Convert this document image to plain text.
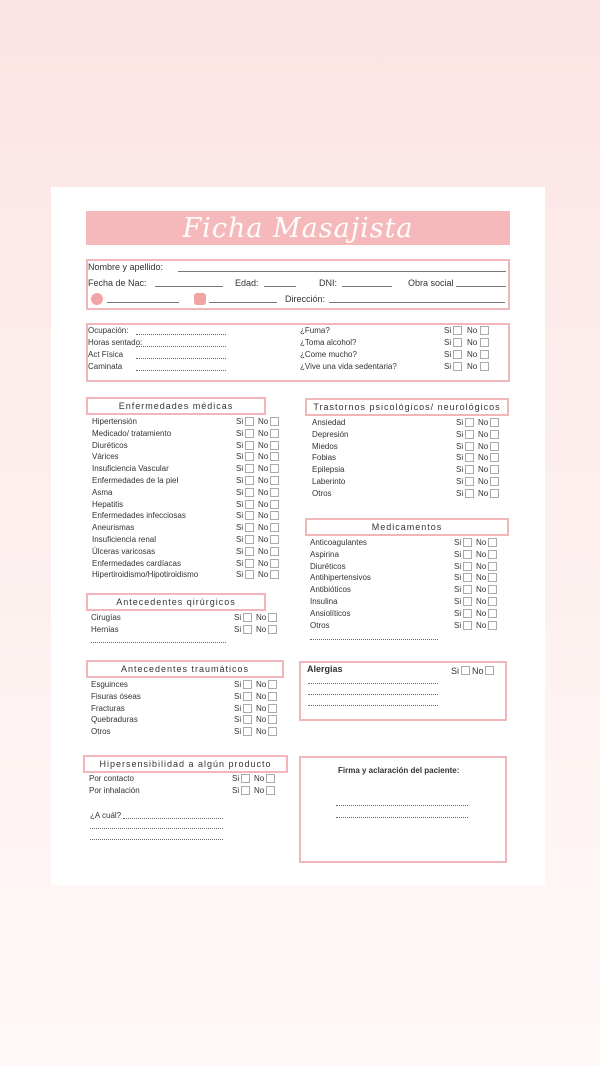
Ficha Masajista
Nombre y apellido:
Fecha de Nac:	Edad:	DNI:	Obra social
Dirección:
Ocupación:
Horas sentado:
Act Física
Caminata
¿Fuma?	Si No
¿Toma alcohol?	Si No
¿Come mucho?	Si No
¿Vive una vida sedentaria?	Si No
Enfermedades médicas	Trastornos psicológicos/ neurológicos
Medicamentos
Antecedentes qirúrgicos
Antecedentes traumáticos
Hipersensibilidad a algún producto
Hipertensión	Si No
Medicado/ tratamiento	Si No
Diuréticos	Si No
Várices	Si No
Insuficiencia Vascular	Si No
Enfermedades de la piel	Si No
Asma	Si No
Hepatitis	Si No
Enfermedades infecciosas	Si No
Aneurismas	Si No
Insuficiencia renal	Si No
Úlceras varicosas	Si No
Enfermedades cardíacas	Si No
Hipertiroidismo/Hipotiroidismo	Si No
Ansiedad	Si No
Depresión	Si No
Miedos	Si No
Fobias	Si No
Epilepsia	Si No
Laberinto	Si No
Otros	Si No
Anticoagulantes	Si No
Aspirina	Si No
Diuréticos	Si No
Antihipertensivos	Si No
Antibióticos	Si No
Insulina	Si No
Ansiolíticos	Si No
Otros	Si No
Cirugías	Si No
Hernias	Si No
Esguinces	Si No
Fisuras óseas	Si No
Fracturas	Si No
Quebraduras	Si No
Otros	Si No
Por contacto	Si No
Por inhalación	Si No
Alergias	Si No
¿A cuál?
Firma y aclaración del paciente:
